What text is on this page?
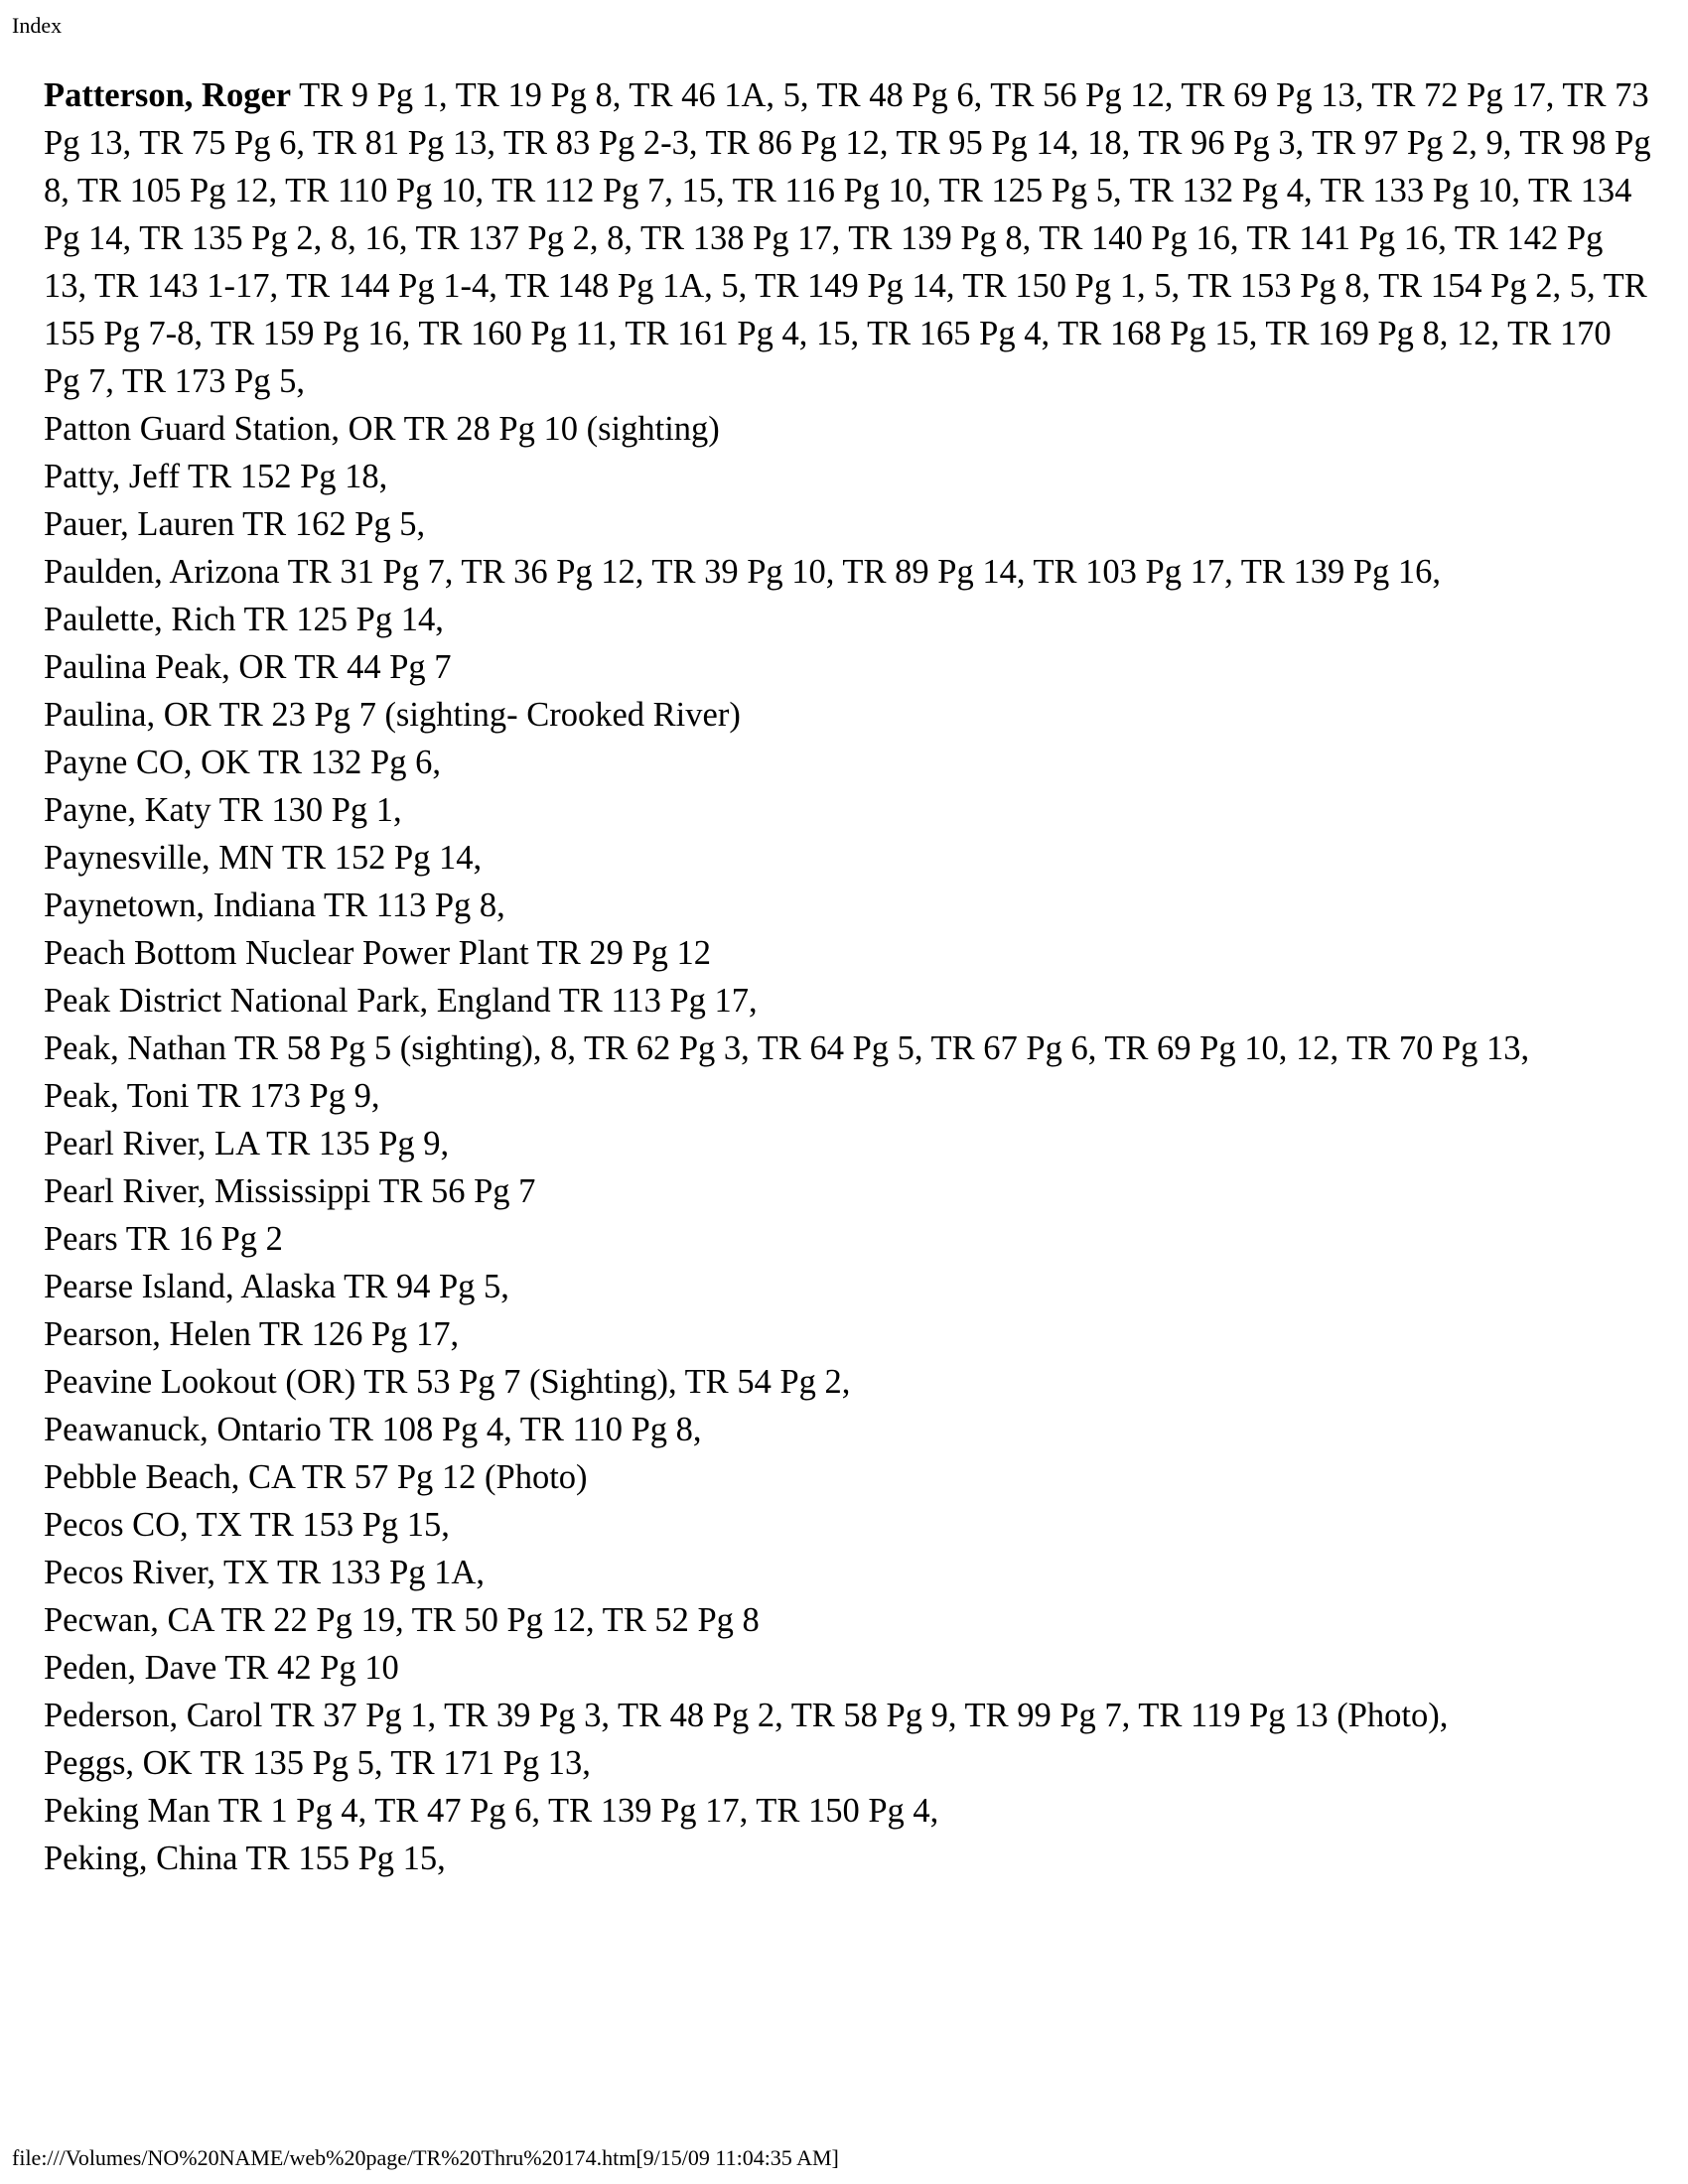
Index

Patterson, Roger TR 9 Pg 1, TR 19 Pg 8, TR 46 1A, 5, TR 48 Pg 6, TR 56 Pg 12, TR 69 Pg 13, TR 72 Pg 17, TR 73 Pg 13, TR 75 Pg 6, TR 81 Pg 13, TR 83 Pg 2-3, TR 86 Pg 12, TR 95 Pg 14, 18, TR 96 Pg 3, TR 97 Pg 2, 9, TR 98 Pg 8, TR 105 Pg 12, TR 110 Pg 10, TR 112 Pg 7, 15, TR 116 Pg 10, TR 125 Pg 5, TR 132 Pg 4, TR 133 Pg 10, TR 134 Pg 14, TR 135 Pg 2, 8, 16, TR 137 Pg 2, 8, TR 138 Pg 17, TR 139 Pg 8, TR 140 Pg 16, TR 141 Pg 16, TR 142 Pg 13, TR 143 1-17, TR 144 Pg 1-4, TR 148 Pg 1A, 5, TR 149 Pg 14, TR 150 Pg 1, 5, TR 153 Pg 8, TR 154 Pg 2, 5, TR 155 Pg 7-8, TR 159 Pg 16, TR 160 Pg 11, TR 161 Pg 4, 15, TR 165 Pg 4, TR 168 Pg 15, TR 169 Pg 8, 12, TR 170 Pg 7, TR 173 Pg 5,

Patton Guard Station, OR TR 28 Pg 10 (sighting)

Patty, Jeff TR 152 Pg 18,

Pauer, Lauren TR 162 Pg 5,

Paulden, Arizona TR 31 Pg 7, TR 36 Pg 12, TR 39 Pg 10, TR 89 Pg 14, TR 103 Pg 17, TR 139 Pg 16,

Paulette, Rich TR 125 Pg 14,

Paulina Peak, OR TR 44 Pg 7

Paulina, OR TR 23 Pg 7 (sighting- Crooked River)

Payne CO, OK TR 132 Pg 6,

Payne, Katy TR 130 Pg 1,

Paynesville, MN TR 152 Pg 14,

Paynetown, Indiana TR 113 Pg 8,

Peach Bottom Nuclear Power Plant TR 29 Pg 12

Peak District National Park, England TR 113 Pg 17,

Peak, Nathan TR 58 Pg 5 (sighting), 8, TR 62 Pg 3, TR 64 Pg 5, TR 67 Pg 6, TR 69 Pg 10, 12, TR 70 Pg 13,

Peak, Toni TR 173 Pg 9,

Pearl River, LA TR 135 Pg 9,

Pearl River, Mississippi TR 56 Pg 7

Pears TR 16 Pg 2

Pearse Island, Alaska TR 94 Pg 5,

Pearson, Helen TR 126 Pg 17,

Peavine Lookout (OR) TR 53 Pg 7 (Sighting), TR 54 Pg 2,

Peawanuck, Ontario TR 108 Pg 4, TR 110 Pg 8,

Pebble Beach, CA TR 57 Pg 12 (Photo)

Pecos CO, TX TR 153 Pg 15,

Pecos River, TX TR 133 Pg 1A,

Pecwan, CA TR 22 Pg 19, TR 50 Pg 12, TR 52 Pg 8

Peden, Dave TR 42 Pg 10

Pederson, Carol TR 37 Pg 1, TR 39 Pg 3, TR 48 Pg 2, TR 58 Pg 9, TR 99 Pg 7, TR 119 Pg 13 (Photo),

Peggs, OK TR 135 Pg 5, TR 171 Pg 13,

Peking Man TR 1 Pg 4, TR 47 Pg 6, TR 139 Pg 17, TR 150 Pg 4,

Peking, China TR 155 Pg 15,

file:///Volumes/NO%20NAME/web%20page/TR%20Thru%20174.htm[9/15/09 11:04:35 AM]
